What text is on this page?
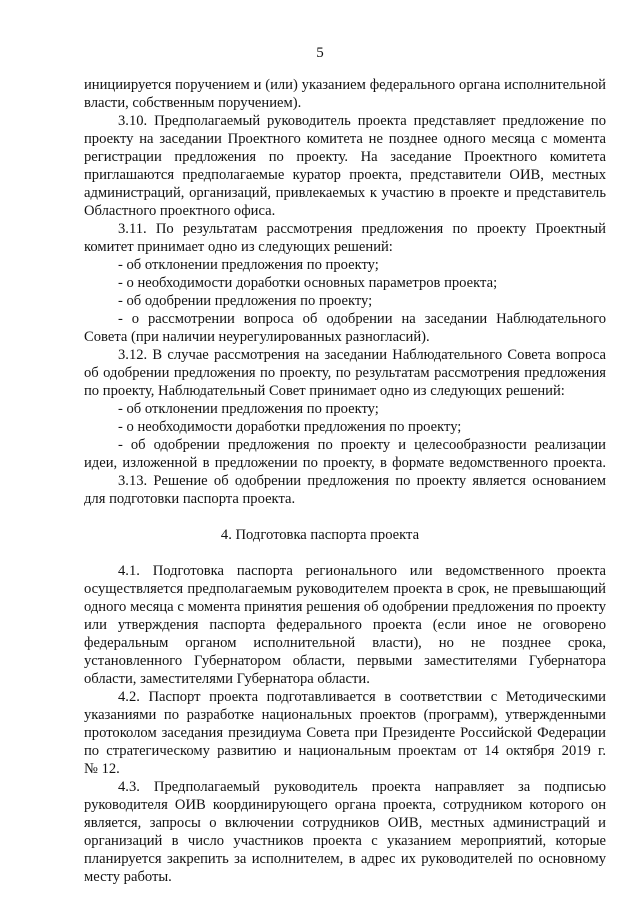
5
инициируется поручением и (или) указанием федерального органа исполнительной
власти, собственным поручением).
3.10. Предполагаемый руководитель проекта представляет предложение по
проекту на заседании Проектного комитета не позднее одного месяца с момента
регистрации предложения по проекту. На заседание Проектного комитета
приглашаются предполагаемые куратор проекта, представители ОИВ, местных
администраций, организаций, привлекаемых к участию в проекте и представитель
Областного проектного офиса.
3.11. По результатам рассмотрения предложения по проекту Проектный
комитет принимает одно из следующих решений:
- об отклонении предложения по проекту;
- о необходимости доработки основных параметров проекта;
- об одобрении предложения по проекту;
- о рассмотрении вопроса об одобрении на заседании Наблюдательного
Совета (при наличии неурегулированных разногласий).
3.12. В случае рассмотрения на заседании Наблюдательного Совета вопроса
об одобрении предложения по проекту, по результатам рассмотрения предложения
по проекту, Наблюдательный Совет принимает одно из следующих решений:
- об отклонении предложения по проекту;
- о необходимости доработки предложения по проекту;
- об одобрении предложения по проекту и целесообразности реализации
идеи, изложенной в предложении по проекту, в формате ведомственного проекта.
3.13. Решение об одобрении предложения по проекту является основанием
для подготовки паспорта проекта.
4. Подготовка паспорта проекта
4.1. Подготовка паспорта регионального или ведомственного проекта
осуществляется предполагаемым руководителем проекта в срок, не превышающий
одного месяца с момента принятия решения об одобрении предложения по проекту
или утверждения паспорта федерального проекта (если иное не оговорено
федеральным органом исполнительной власти), но не позднее срока,
установленного Губернатором области, первыми заместителями Губернатора
области, заместителями Губернатора области.
4.2. Паспорт проекта подготавливается в соответствии с Методическими
указаниями по разработке национальных проектов (программ), утвержденными
протоколом заседания президиума Совета при Президенте Российской Федерации
по стратегическому развитию и национальным проектам от 14 октября 2019 г.
№ 12.
4.3. Предполагаемый руководитель проекта направляет за подписью
руководителя ОИВ координирующего органа проекта, сотрудником которого он
является, запросы о включении сотрудников ОИВ, местных администраций и
организаций в число участников проекта с указанием мероприятий, которые
планируется закрепить за исполнителем, в адрес их руководителей по основному
месту работы.
